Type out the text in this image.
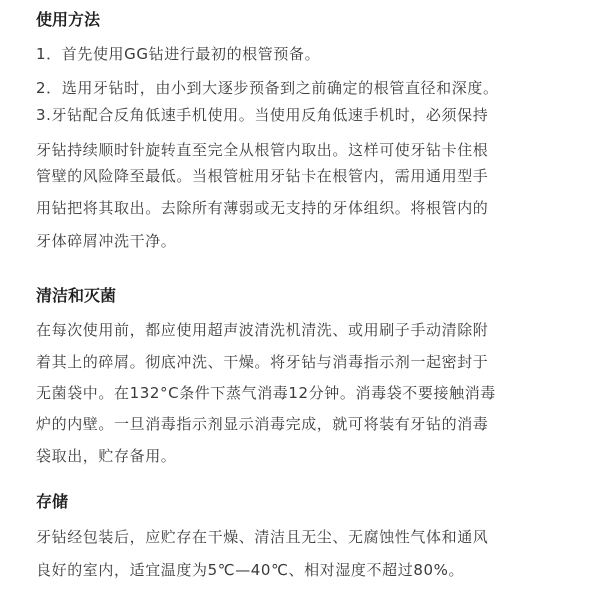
使用方法

1．首先使用GG钻进行最初的根管预备。

2．选用牙钻时，由小到大逐步预备到之前确定的根管直径和深度。

3.牙钻配合反角低速手机使用。当使用反角低速手机时，必须保持

牙钻持续顺时针旋转直至完全从根管内取出。这样可使牙钻卡住根

管壁的风险降至最低。当根管桩用牙钻卡在根管内，需用通用型手

用钻把将其取出。去除所有薄弱或无支持的牙体组织。将根管内的

牙体碎屑冲洗干净。

清洁和灭菌

在每次使用前，都应使用超声波清洗机清洗、或用刷子手动清除附

着其上的碎屑。彻底冲洗、干燥。将牙钻与消毒指示剂一起密封于

无菌袋中。在132°C条件下蒸气消毒12分钟。消毒袋不要接触消毒

炉的内壁。一旦消毒指示剂显示消毒完成，就可将装有牙钻的消毒

袋取出，贮存备用。

存储

牙钻经包装后，应贮存在干燥、清洁且无尘、无腐蚀性气体和通风

良好的室内，适宜温度为5℃—40℃、相对湿度不超过80%。
